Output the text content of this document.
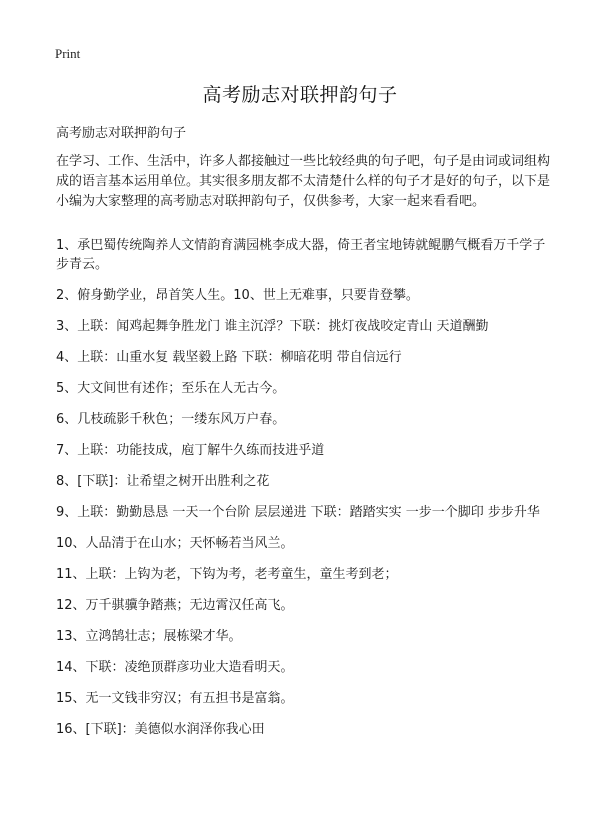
Print
高考励志对联押韵句子
高考励志对联押韵句子
在学习、工作、生活中，许多人都接触过一些比较经典的句子吧，句子是由词或词组构成的语言基本运用单位。其实很多朋友都不太清楚什么样的句子才是好的句子，以下是小编为大家整理的高考励志对联押韵句子，仅供参考，大家一起来看看吧。
1、承巴蜀传统陶养人文情韵育满园桃李成大器，倚王者宝地铸就鲲鹏气概看万千学子步青云。
2、俯身勤学业，昂首笑人生。10、世上无难事，只要肯登攀。
3、上联：闻鸡起舞争胜龙门 谁主沉浮？下联：挑灯夜战咬定青山 天道酬勤
4、上联：山重水复 载坚毅上路 下联：柳暗花明 带自信远行
5、大文间世有述作；至乐在人无古今。
6、几枝疏影千秋色；一缕东风万户春。
7、上联：功能技成，庖丁解牛久练而技进乎道
8、[下联]：让希望之树开出胜利之花
9、上联：勤勤恳恳 一天一个台阶 层层递进 下联：踏踏实实 一步一个脚印 步步升华
10、人品清于在山水；天怀畅若当风兰。
11、上联：上钩为老，下钩为考，老考童生，童生考到老；
12、万千骐骥争踏燕；无边霄汉任高飞。
13、立鸿鹄壮志；展栋梁才华。
14、下联：凌绝顶群彦功业大造看明天。
15、无一文钱非穷汉；有五担书是富翁。
16、[下联]：美德似水润泽你我心田
